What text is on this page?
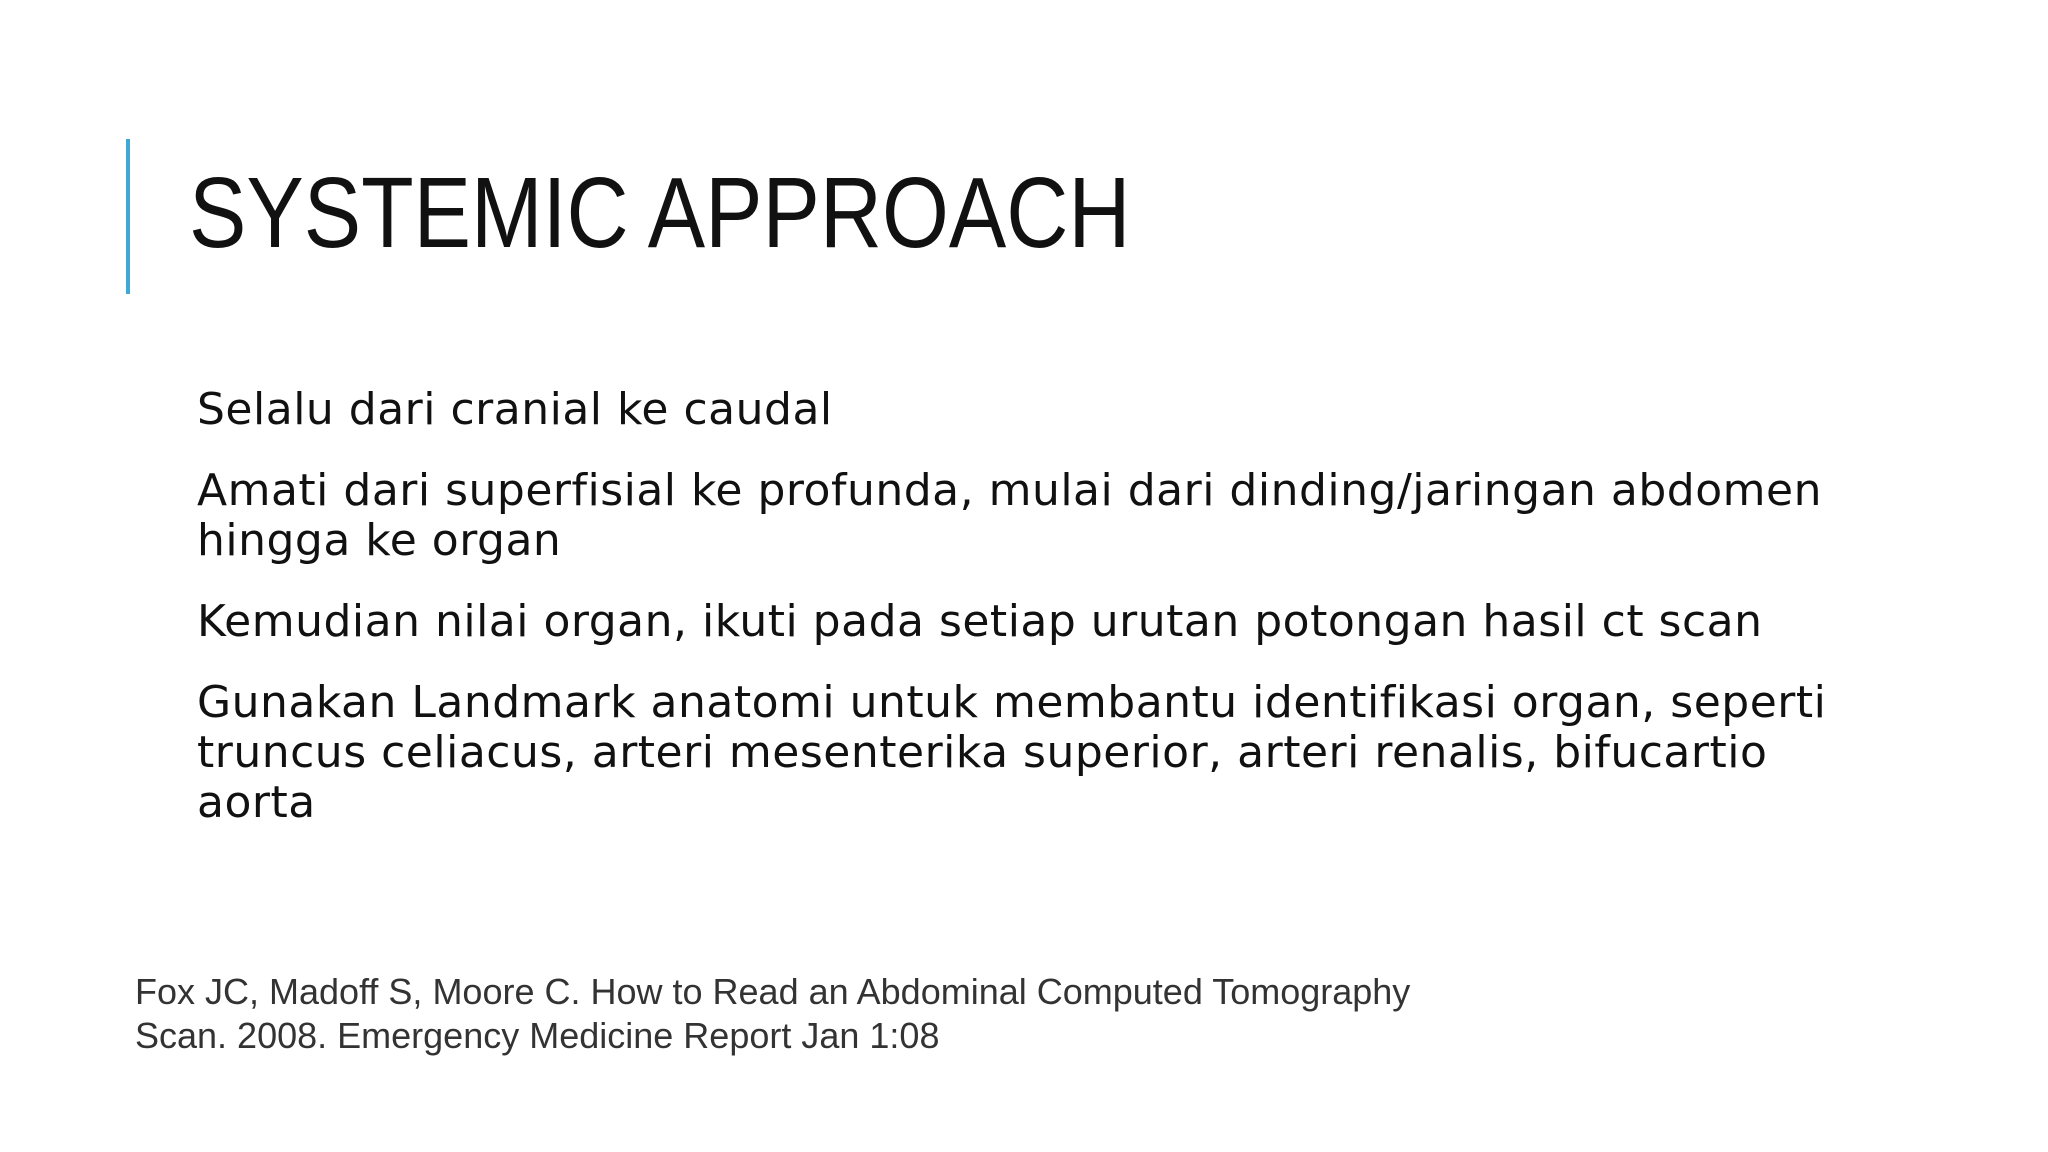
SYSTEMIC APPROACH
Selalu dari cranial ke caudal
Amati dari superfisial ke profunda, mulai dari dinding/jaringan abdomen hingga ke organ
Kemudian nilai organ, ikuti pada setiap urutan potongan hasil ct scan
Gunakan Landmark anatomi untuk membantu identifikasi organ, seperti truncus celiacus, arteri mesenterika superior, arteri renalis, bifucartio aorta
Fox JC, Madoff S, Moore C. How to Read an Abdominal Computed Tomography
Scan. 2008. Emergency Medicine Report Jan 1:08
